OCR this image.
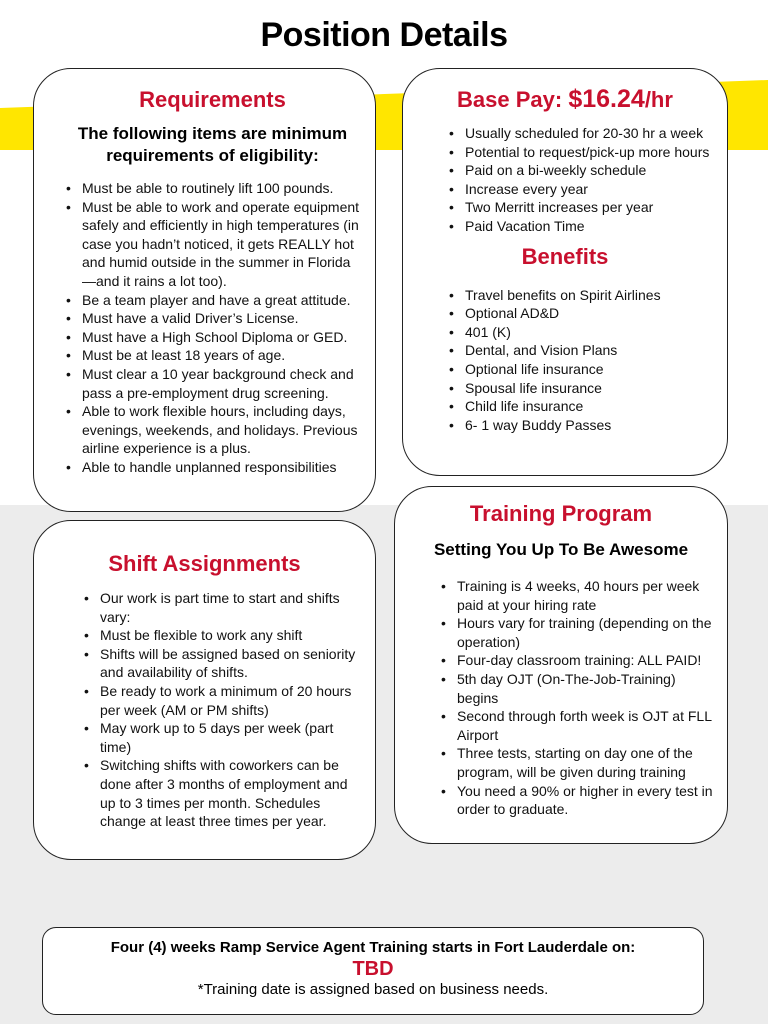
Position Details
Requirements
The following items are minimum requirements of eligibility:
• Must be able to routinely lift 100 pounds.
• Must be able to work and operate equipment safely and efficiently in high temperatures (in case you hadn’t noticed, it gets REALLY hot and humid outside in the summer in Florida—and it rains a lot too).
• Be a team player and have a great attitude.
• Must have a valid Driver’s License.
• Must have a High School Diploma or GED.
• Must be at least 18 years of age.
• Must clear a 10 year background check and pass a pre-employment drug screening.
• Able to work flexible hours, including days, evenings, weekends, and holidays. Previous airline experience is a plus.
• Able to handle unplanned responsibilities
Base Pay: $16.24/hr
• Usually scheduled for 20-30 hr a week
• Potential to request/pick-up more hours
• Paid on a bi-weekly schedule
• Increase every year
• Two Merritt increases per year
• Paid Vacation Time
Benefits
• Travel benefits on Spirit Airlines
• Optional AD&D
• 401 (K)
• Dental, and Vision Plans
• Optional life insurance
• Spousal life insurance
• Child life insurance
• 6- 1 way Buddy Passes
Shift Assignments
• Our work is part time to start and shifts vary:
• Must be flexible to work any shift
• Shifts will be assigned based on seniority and availability of shifts.
• Be ready to work a minimum of 20 hours per week (AM or PM shifts)
• May work up to 5 days per week (part time)
• Switching shifts with coworkers can be done after 3 months of employment and up to 3 times per month. Schedules change at least three times per year.
Training Program
Setting You Up To Be Awesome
• Training is 4 weeks, 40 hours per week paid at your hiring rate
• Hours vary for training (depending on the operation)
• Four-day classroom training: ALL PAID!
• 5th day OJT (On-The-Job-Training) begins
• Second through forth week is OJT at FLL Airport
• Three tests, starting on day one of the program, will be given during training
• You need a 90% or higher in every test in order to graduate.
Four (4) weeks Ramp Service Agent Training starts in Fort Lauderdale on:
TBD
*Training date is assigned based on business needs.
